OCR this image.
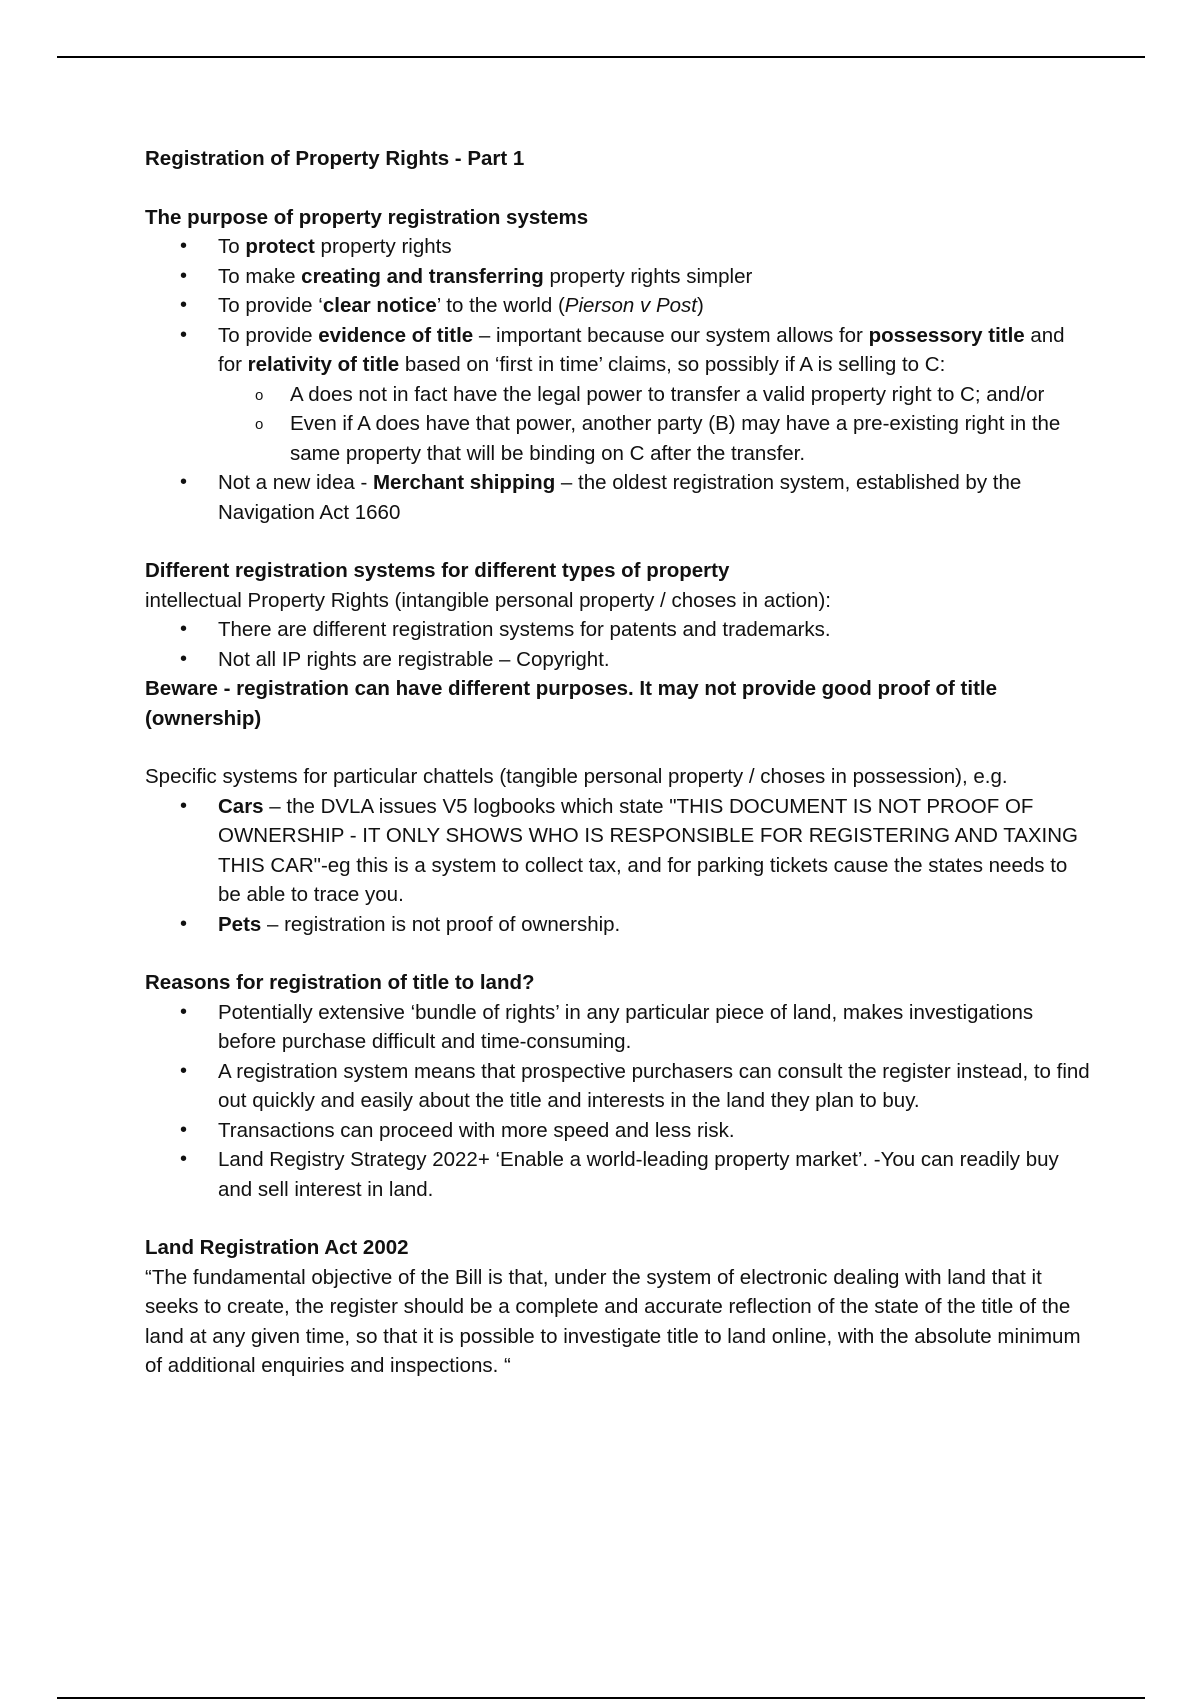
Registration of Property Rights - Part 1

The purpose of property registration systems

• To protect property rights
• To make creating and transferring property rights simpler
• To provide ‘clear notice’ to the world (Pierson v Post)
• To provide evidence of title – important because our system allows for possessory title and for relativity of title based on ‘first in time’ claims, so possibly if A is selling to C:
o A does not in fact have the legal power to transfer a valid property right to C; and/or
o Even if A does have that power, another party (B) may have a pre-existing right in the same property that will be binding on C after the transfer.
• Not a new idea - Merchant shipping – the oldest registration system, established by the Navigation Act 1660

Different registration systems for different types of property

intellectual Property Rights (intangible personal property / choses in action):

• There are different registration systems for patents and trademarks.
• Not all IP rights are registrable – Copyright.

Beware - registration can have different purposes. It may not provide good proof of title (ownership)

Specific systems for particular chattels (tangible personal property / choses in possession), e.g.

• Cars – the DVLA issues V5 logbooks which state "THIS DOCUMENT IS NOT PROOF OF OWNERSHIP - IT ONLY SHOWS WHO IS RESPONSIBLE FOR REGISTERING AND TAXING THIS CAR"-eg this is a system to collect tax, and for parking tickets cause the states needs to be able to trace you.
• Pets – registration is not proof of ownership.

Reasons for registration of title to land?

• Potentially extensive ‘bundle of rights’ in any particular piece of land, makes investigations before purchase difficult and time-consuming.
• A registration system means that prospective purchasers can consult the register instead, to find out quickly and easily about the title and interests in the land they plan to buy.
• Transactions can proceed with more speed and less risk.
• Land Registry Strategy 2022+ ‘Enable a world-leading property market’. -You can readily buy and sell interest in land.

Land Registration Act 2002

“The fundamental objective of the Bill is that, under the system of electronic dealing with land that it seeks to create, the register should be a complete and accurate reflection of the state of the title of the land at any given time, so that it is possible to investigate title to land online, with the absolute minimum of additional enquiries and inspections. “
